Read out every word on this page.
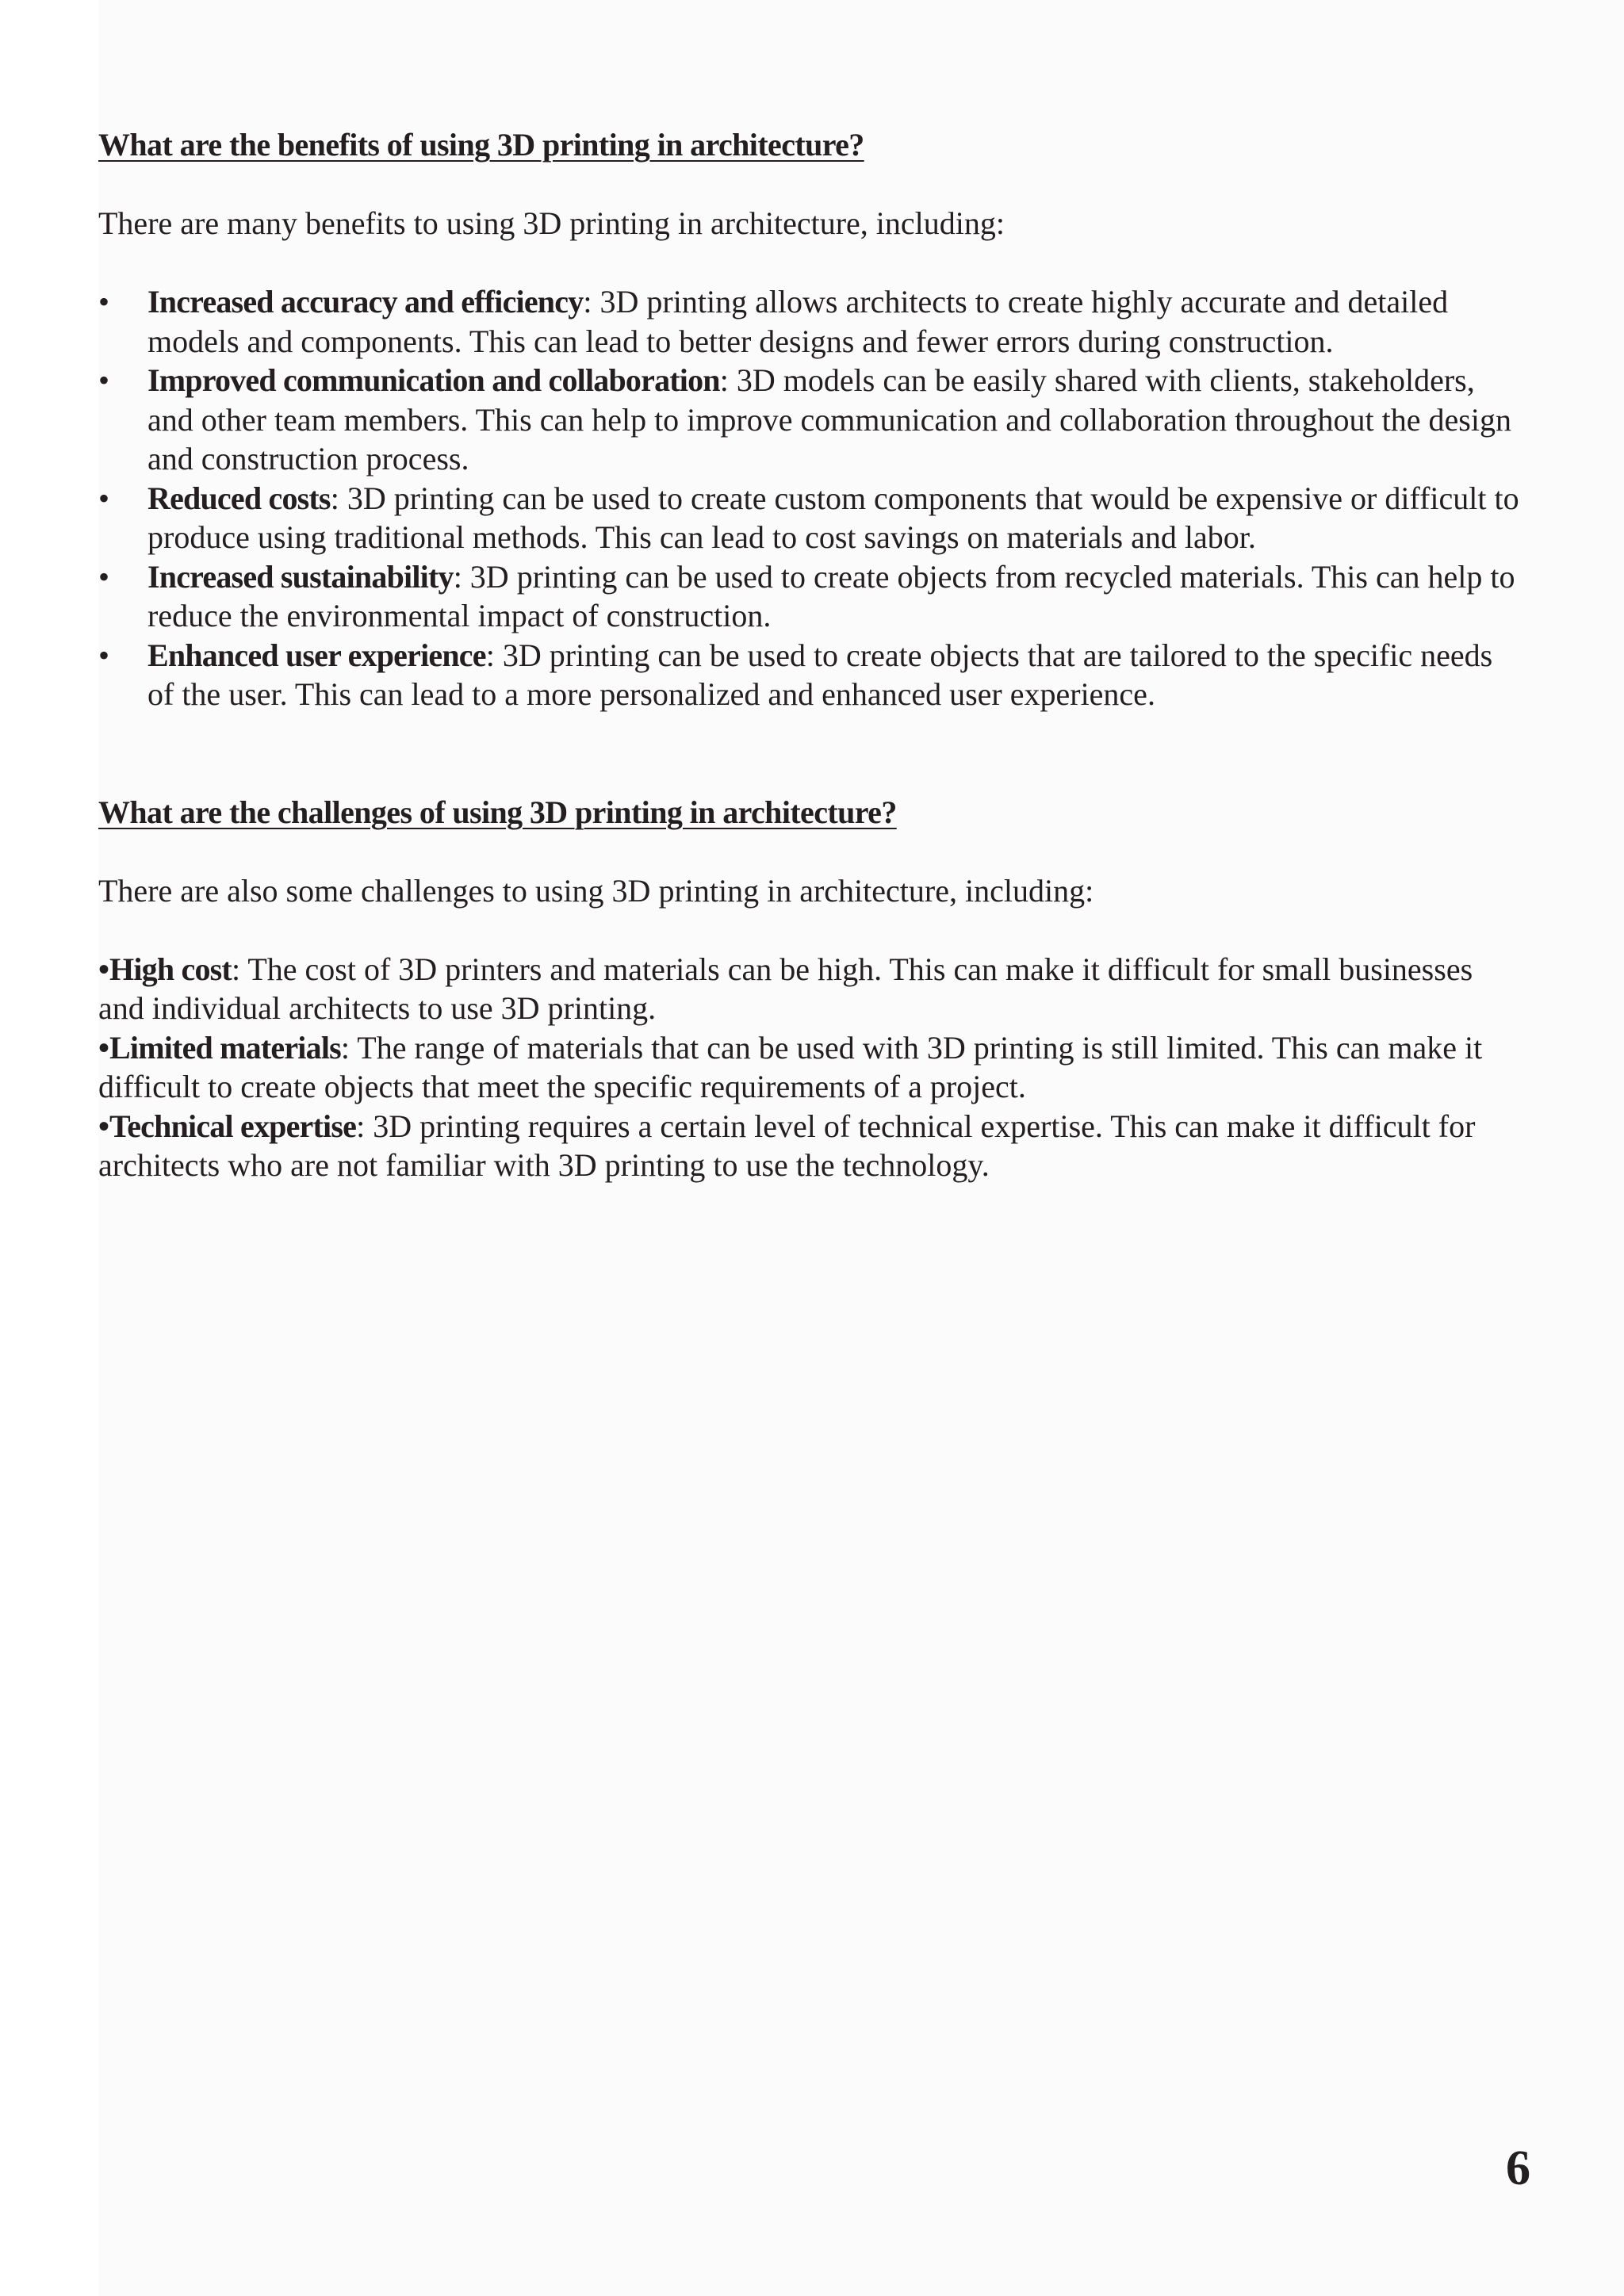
What are the benefits of using 3D printing in architecture?

There are many benefits to using 3D printing in architecture, including:

• Increased accuracy and efficiency: 3D printing allows architects to create highly accurate and detailed models and components. This can lead to better designs and fewer errors during construction.
• Improved communication and collaboration: 3D models can be easily shared with clients, stakeholders, and other team members. This can help to improve communication and collaboration throughout the design and construction process.
• Reduced costs: 3D printing can be used to create custom components that would be expensive or difficult to produce using traditional methods. This can lead to cost savings on materials and labor.
• Increased sustainability: 3D printing can be used to create objects from recycled materials. This can help to reduce the environmental impact of construction.
• Enhanced user experience: 3D printing can be used to create objects that are tailored to the specific needs of the user. This can lead to a more personalized and enhanced user experience.
What are the challenges of using 3D printing in architecture?

There are also some challenges to using 3D printing in architecture, including:

•High cost: The cost of 3D printers and materials can be high. This can make it difficult for small businesses and individual architects to use 3D printing.

•Limited materials: The range of materials that can be used with 3D printing is still limited. This can make it difficult to create objects that meet the specific requirements of a project.

•Technical expertise: 3D printing requires a certain level of technical expertise. This can make it difficult for architects who are not familiar with 3D printing to use the technology.

6
